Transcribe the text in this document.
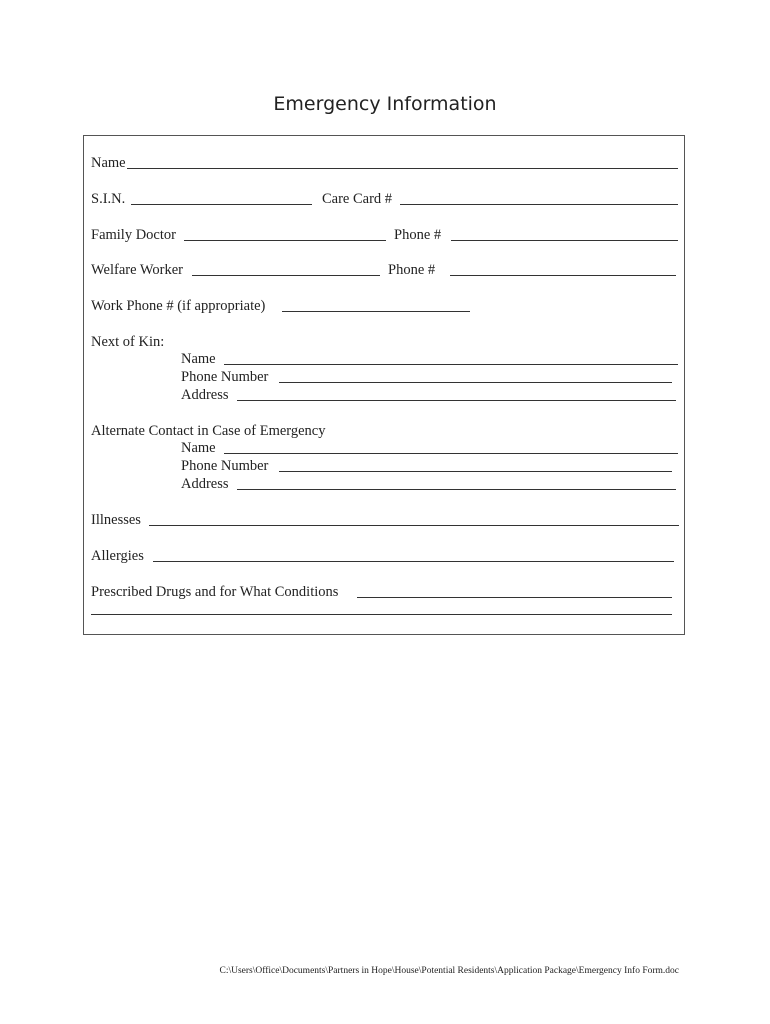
Emergency Information
Name
S.I.N.	Care Card #
Family Doctor	Phone #
Welfare Worker	Phone #
Work Phone # (if appropriate)
Next of Kin:
Name
Phone Number
Address
Alternate Contact in Case of Emergency
Name
Phone Number
Address
Illnesses
Allergies
Prescribed Drugs and for What Conditions
C:\Users\Office\Documents\Partners in Hope\House\Potential Residents\Application Package\Emergency Info Form.doc
